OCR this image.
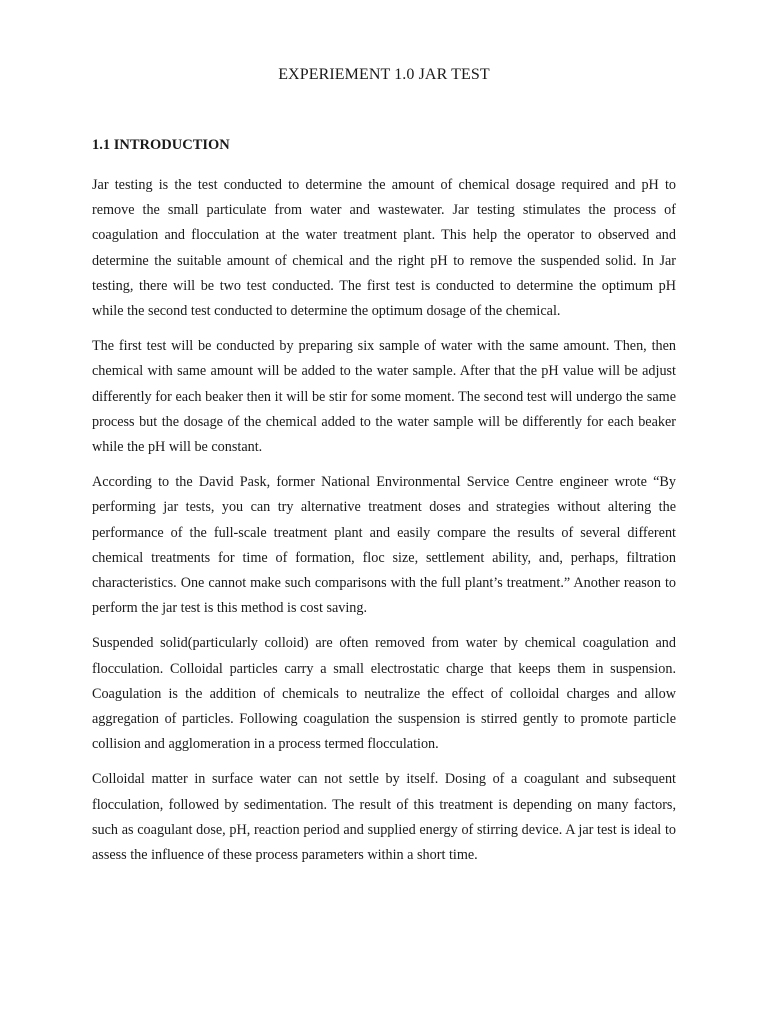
EXPERIEMENT 1.0 JAR TEST
1.1 INTRODUCTION

Jar testing is the test conducted to determine the amount of chemical dosage required and pH to remove the small particulate from water and wastewater. Jar testing stimulates the process of coagulation and flocculation at the water treatment plant. This help the operator to observed and determine the suitable amount of chemical and the right pH to remove the suspended solid. In Jar testing, there will be two test conducted. The first test is conducted to determine the optimum pH while the second test conducted to determine the optimum dosage of the chemical.

The first test will be conducted by preparing six sample of water with the same amount. Then, then chemical with same amount will be added to the water sample. After that the pH value will be adjust differently for each beaker then it will be stir for some moment. The second test will undergo the same process but the dosage of the chemical added to the water sample will be differently for each beaker while the pH will be constant.

According to the David Pask, former National Environmental Service Centre engineer wrote “By performing jar tests, you can try alternative treatment doses and strategies without altering the performance of the full-scale treatment plant and easily compare the results of several different chemical treatments for time of formation, floc size, settlement ability, and, perhaps, filtration characteristics. One cannot make such comparisons with the full plant’s treatment.” Another reason to perform the jar test is this method is cost saving.

Suspended solid(particularly colloid) are often removed from water by chemical coagulation and flocculation. Colloidal particles carry a small electrostatic charge that keeps them in suspension. Coagulation is the addition of chemicals to neutralize the effect of colloidal charges and allow aggregation of particles. Following coagulation the suspension is stirred gently to promote particle collision and agglomeration in a process termed flocculation.

Colloidal matter in surface water can not settle by itself. Dosing of a coagulant and subsequent flocculation, followed by sedimentation. The result of this treatment is depending on many factors, such as coagulant dose, pH, reaction period and supplied energy of stirring device. A jar test is ideal to assess the influence of these process parameters within a short time.
